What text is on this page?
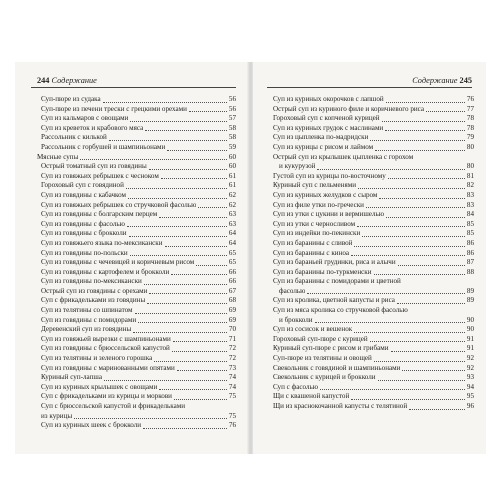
244 Содержание
Суп-пюре из судака	56
Суп-пюре из печени трески с грецкими орехами	56
Суп из кальмаров с овощами	57
Суп из креветок и крабового мяса	58
Рассольник с килькой	58
Рассольник с горбушей и шампиньонами	59
Мясные супы	60
Острый томатный суп из говядины	60
Суп из говяжьих ребрышек с чесноком	61
Гороховый суп с говядиной	61
Суп из говядины с кабачком	62
Суп из говяжьих ребрышек со стручковой фасолью	62
Суп из говядины с болгарским перцем	63
Суп из говядины с фасолью	63
Суп из говядины с брокколи	64
Суп из говяжьего языка по-мексикански	64
Суп из говядины по-польски	65
Суп из говядины с чечевицей и коричневым рисом	65
Суп из говядины с картофелем и брокколи	66
Суп из говядины по-мексикански	66
Острый суп из говядины с орехами	67
Суп с фрикадельками из говядины	68
Суп из телятины со шпинатом	69
Суп из говядины с помидорами	69
Деревенский суп из говядины	70
Суп из говяжьей вырезки с шампиньонами	71
Суп из говядины с брюссельской капустой	72
Суп из телятины и зеленого горошка	72
Суп из говядины с маринованными опятами	73
Куриный суп-лапша	74
Суп из куриных крылышек с овощами	74
Суп с фрикадельками из курицы и моркови	75
Суп с брюссельской капустой и фрикадельками
из курицы	75
Суп из куриных шеек с брокколи	76
Содержание 245
Суп из куриных окорочков с лапшой	76
Острый суп из куриного филе и коричневого риса	77
Гороховый суп с копченой курицей	78
Суп из куриных грудок с маслинами	78
Суп из цыпленка по-мадридски	79
Суп из курицы с рисом и лаймом	80
Острый суп из крылышек цыпленка с горохом
и кукурузой	80
Густой суп из курицы по-восточному	81
Куриный суп с пельменями	82
Суп из куриных желудков с сыром	83
Суп из филе утки по-гречески	83
Суп из утки с цукини и вермишелью	84
Суп из утки с черносливом	85
Суп из индейки по-пекински	85
Суп из баранины с сливой	86
Суп из баранины с киноа	86
Суп из бараньей грудинки, риса и алычи	87
Суп из баранины по-туркменски	88
Суп из баранины с помидорами и цветной
фасолью	89
Суп из кролика, цветной капусты и риса	89
Суп из мяса кролика со стручковой фасолью
и брокколи	90
Суп из сосисок и вешенок	90
Гороховый суп-пюре с курицей	91
Куриный суп-пюре с рисом и грибами	91
Суп-пюре из телятины и овощей	92
Свекольник с говядиной и шампиньонами	92
Свекольник с курицей и брокколи	93
Суп с фасолью	94
Щи с квашеной капустой	95
Щи из краснокочанной капусты с телятиной	96
